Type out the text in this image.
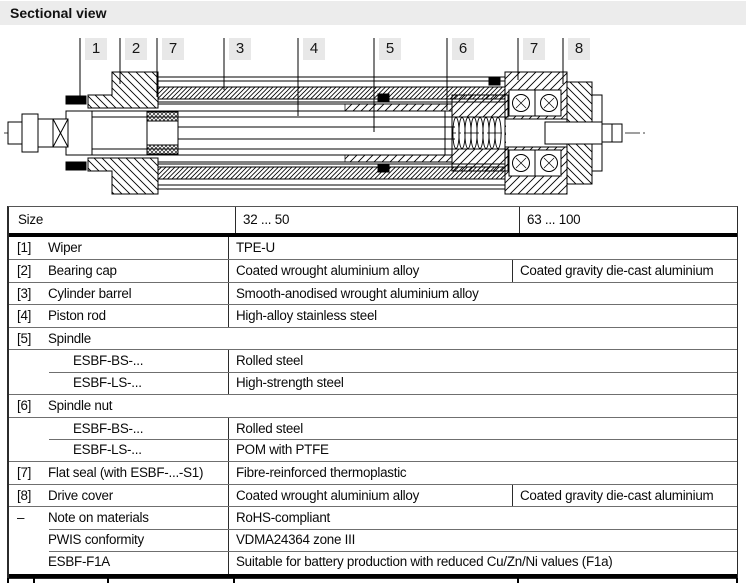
Sectional view
1	2	7	3	4	5	6	7	8
Size	32 ... 50	63 ... 100
[1]	Wiper	TPE-U
[2]	Bearing cap	Coated wrought aluminium alloy	Coated gravity die-cast aluminium
[3]	Cylinder barrel	Smooth-anodised wrought aluminium alloy
[4]	Piston rod	High-alloy stainless steel
[5]	Spindle
ESBF-BS-...	Rolled steel
ESBF-LS-...	High-strength steel
[6]	Spindle nut
ESBF-BS-...	Rolled steel
ESBF-LS-...	POM with PTFE
[7]	Flat seal (with ESBF-...-S1)	Fibre-reinforced thermoplastic
[8]	Drive cover	Coated wrought aluminium alloy	Coated gravity die-cast aluminium
–	Note on materials	RoHS-compliant
PWIS conformity	VDMA24364 zone III
ESBF-F1A	Suitable for battery production with reduced Cu/Zn/Ni values (F1a)
